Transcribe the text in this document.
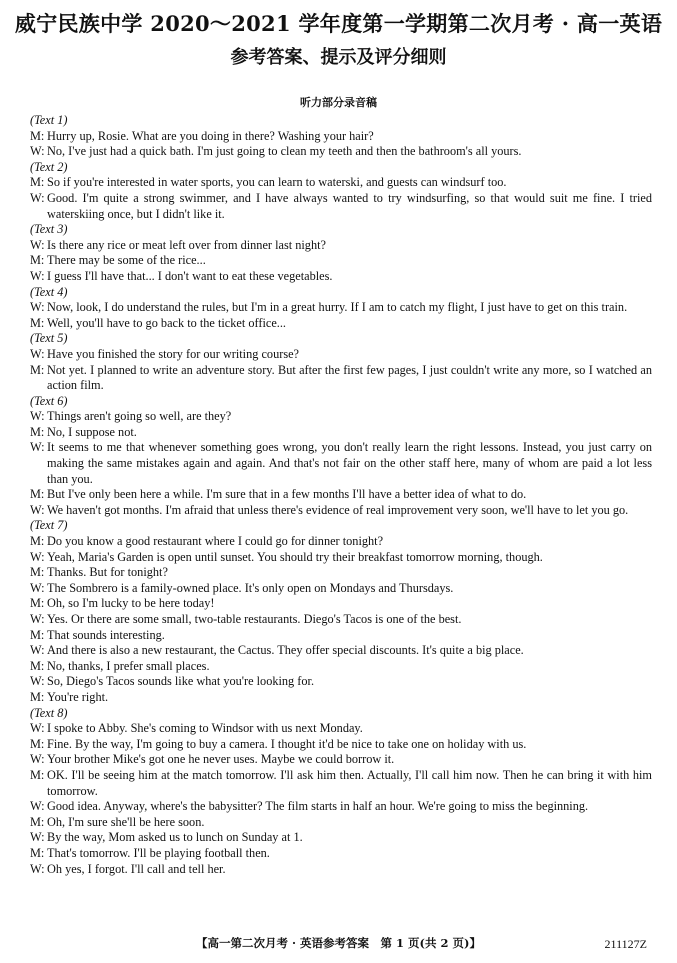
威宁民族中学 2020～2021 学年度第一学期第二次月考 · 高一英语
参考答案、提示及评分细则
听力部分录音稿
(Text 1)
M: Hurry up, Rosie. What are you doing in there? Washing your hair?
W: No, I've just had a quick bath. I'm just going to clean my teeth and then the bathroom's all yours.
(Text 2)
M: So if you're interested in water sports, you can learn to waterski, and guests can windsurf too.
W: Good. I'm quite a strong swimmer, and I have always wanted to try windsurfing, so that would suit me fine. I tried waterskiing once, but I didn't like it.
(Text 3)
W: Is there any rice or meat left over from dinner last night?
M: There may be some of the rice...
W: I guess I'll have that... I don't want to eat these vegetables.
(Text 4)
W: Now, look, I do understand the rules, but I'm in a great hurry. If I am to catch my flight, I just have to get on this train.
M: Well, you'll have to go back to the ticket office...
(Text 5)
W: Have you finished the story for our writing course?
M: Not yet. I planned to write an adventure story. But after the first few pages, I just couldn't write any more, so I watched an action film.
(Text 6)
W: Things aren't going so well, are they?
M: No, I suppose not.
W: It seems to me that whenever something goes wrong, you don't really learn the right lessons. Instead, you just carry on making the same mistakes again and again. And that's not fair on the other staff here, many of whom are paid a lot less than you.
M: But I've only been here a while. I'm sure that in a few months I'll have a better idea of what to do.
W: We haven't got months. I'm afraid that unless there's evidence of real improvement very soon, we'll have to let you go.
(Text 7)
M: Do you know a good restaurant where I could go for dinner tonight?
W: Yeah, Maria's Garden is open until sunset. You should try their breakfast tomorrow morning, though.
M: Thanks. But for tonight?
W: The Sombrero is a family-owned place. It's only open on Mondays and Thursdays.
M: Oh, so I'm lucky to be here today!
W: Yes. Or there are some small, two-table restaurants. Diego's Tacos is one of the best.
M: That sounds interesting.
W: And there is also a new restaurant, the Cactus. They offer special discounts. It's quite a big place.
M: No, thanks, I prefer small places.
W: So, Diego's Tacos sounds like what you're looking for.
M: You're right.
(Text 8)
W: I spoke to Abby. She's coming to Windsor with us next Monday.
M: Fine. By the way, I'm going to buy a camera. I thought it'd be nice to take one on holiday with us.
W: Your brother Mike's got one he never uses. Maybe we could borrow it.
M: OK. I'll be seeing him at the match tomorrow. I'll ask him then. Actually, I'll call him now. Then he can bring it with him tomorrow.
W: Good idea. Anyway, where's the babysitter? The film starts in half an hour. We're going to miss the beginning.
M: Oh, I'm sure she'll be here soon.
W: By the way, Mom asked us to lunch on Sunday at 1.
M: That's tomorrow. I'll be playing football then.
W: Oh yes, I forgot. I'll call and tell her.
【高一第二次月考 · 英语参考答案　第 1 页(共 2 页)】	211127Z
